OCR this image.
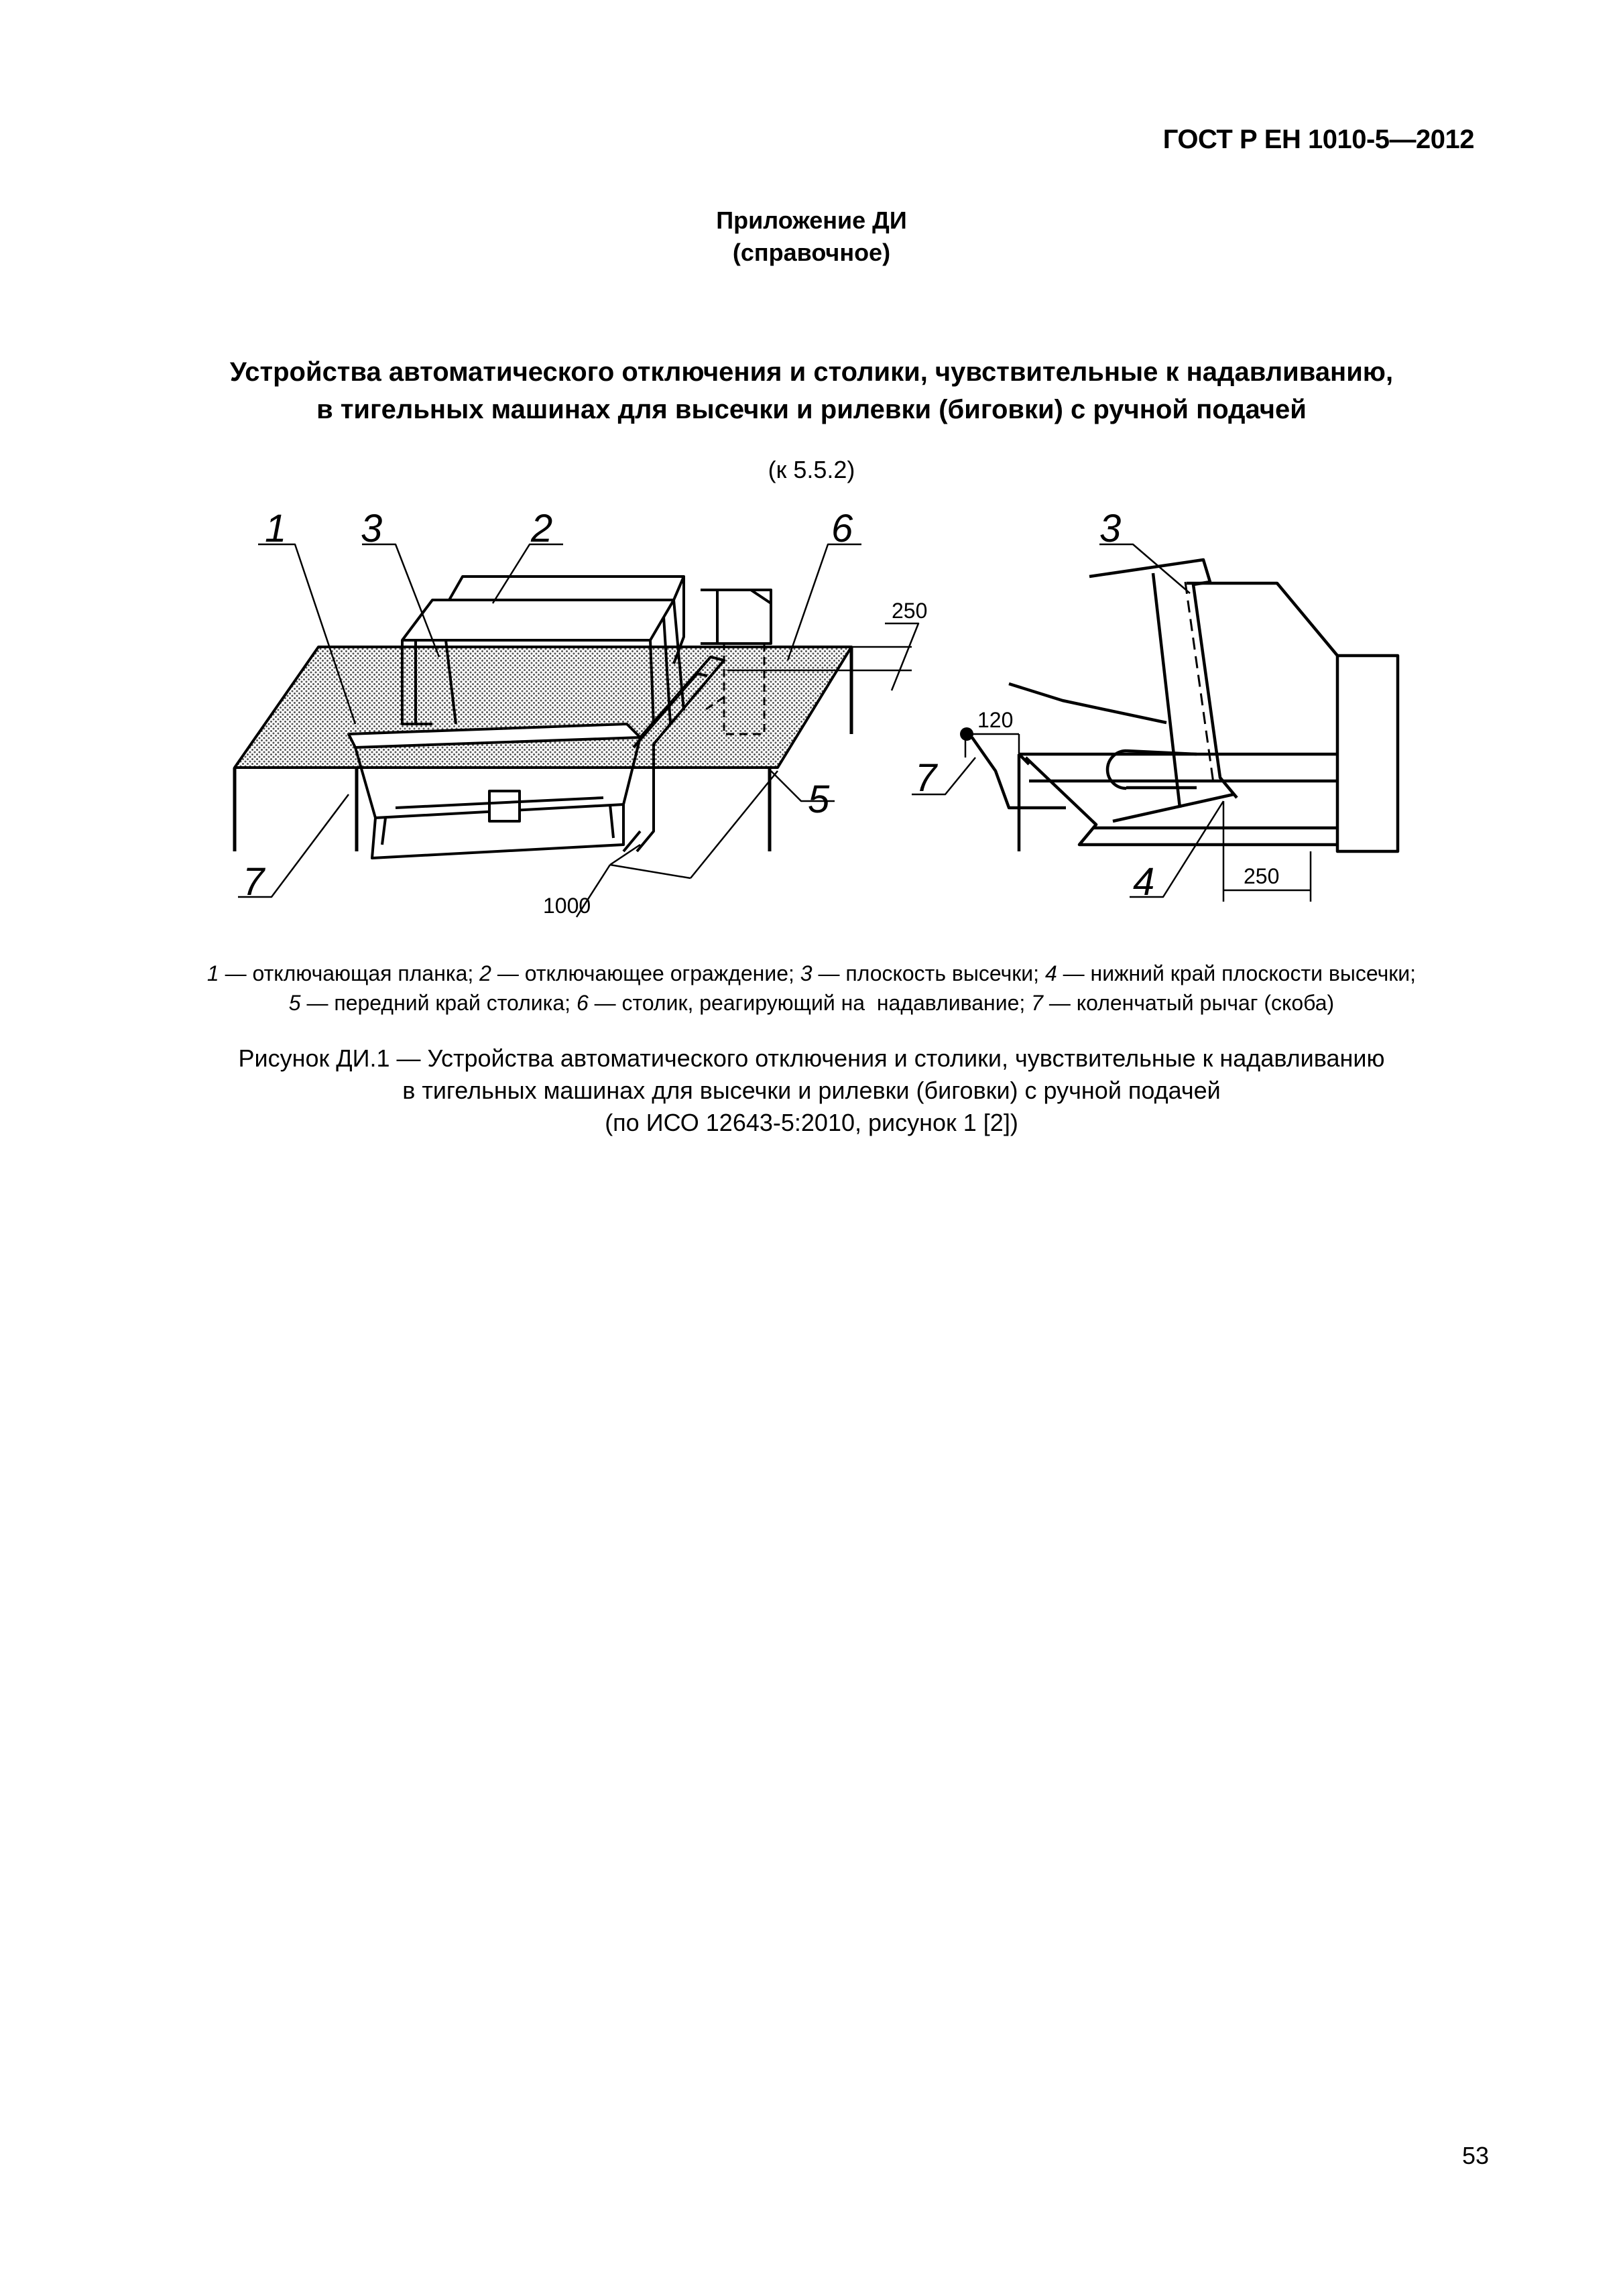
ГОСТ Р ЕН 1010-5—2012
Приложение ДИ
(справочное)
Устройства автоматического отключения и столики, чувствительные к надавливанию,
в тигельных машинах для высечки и рилевки (биговки) с ручной подачей
(к 5.5.2)
1 3	2	6
5
7
250
1000
3
7
4
120
250
1 — отключающая планка; 2 — отключающее ограждение; 3 — плоскость высечки; 4 — нижний край плоскости высечки;
5 — передний край столика; 6 — столик, реагирующий на  надавливание; 7 — коленчатый рычаг (скоба)
Рисунок ДИ.1 — Устройства автоматического отключения и столики, чувствительные к надавливанию
в тигельных машинах для высечки и рилевки (биговки) с ручной подачей
(по ИСО 12643-5:2010, рисунок 1 [2])
53
